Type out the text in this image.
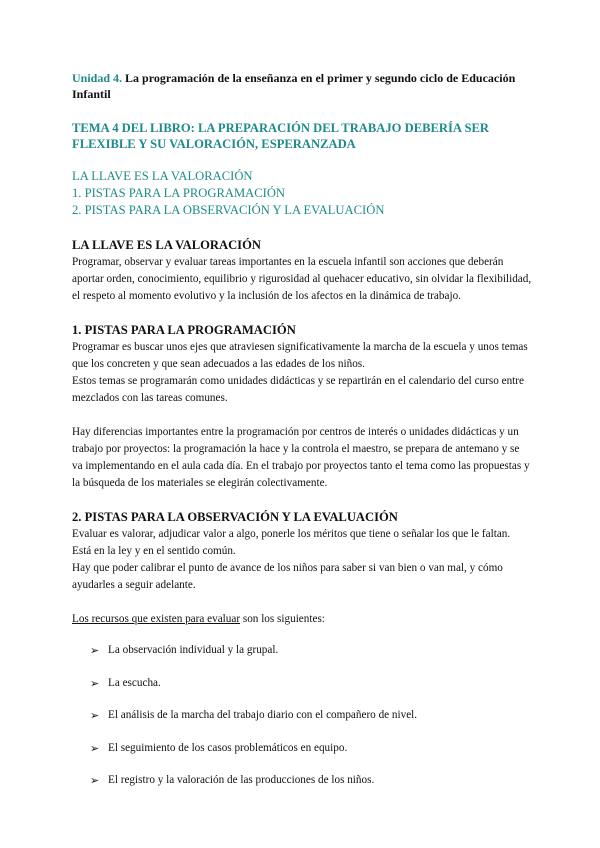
Unidad 4. La programación de la enseñanza en el primer y segundo ciclo de Educación Infantil
TEMA 4 DEL LIBRO: LA PREPARACIÓN DEL TRABAJO DEBERÍA SER FLEXIBLE Y SU VALORACIÓN, ESPERANZADA
LA LLAVE ES LA VALORACIÓN
1. PISTAS PARA LA PROGRAMACIÓN
2. PISTAS PARA LA OBSERVACIÓN Y LA EVALUACIÓN
LA LLAVE ES LA VALORACIÓN

Programar, observar y evaluar tareas importantes en la escuela infantil son acciones que deberán aportar orden, conocimiento, equilibrio y rigurosidad al quehacer educativo, sin olvidar la flexibilidad, el respeto al momento evolutivo y la inclusión de los afectos en la dinámica de trabajo.

1. PISTAS PARA LA PROGRAMACIÓN

Programar es buscar unos ejes que atraviesen significativamente la marcha de la escuela y unos temas que los concreten y que sean adecuados a las edades de los niños.

Estos temas se programarán como unidades didácticas y se repartirán en el calendario del curso entre mezclados con las tareas comunes.

Hay diferencias importantes entre la programación por centros de interés o unidades didácticas y un trabajo por proyectos: la programación la hace y la controla el maestro, se prepara de antemano y se va implementando en el aula cada día. En el trabajo por proyectos tanto el tema como las propuestas y la búsqueda de los materiales se elegirán colectivamente.

2. PISTAS PARA LA OBSERVACIÓN Y LA EVALUACIÓN

Evaluar es valorar, adjudicar valor a algo, ponerle los méritos que tiene o señalar los que le faltan. Está en la ley y en el sentido común.

Hay que poder calibrar el punto de avance de los niños para saber si van bien o van mal, y cómo ayudarles a seguir adelante.

Los recursos que existen para evaluar son los siguientes:
➢ La observación individual y la grupal.
➢ La escucha.
➢ El análisis de la marcha del trabajo diario con el compañero de nivel.
➢ El seguimiento de los casos problemáticos en equipo.
➢ El registro y la valoración de las producciones de los niños.
